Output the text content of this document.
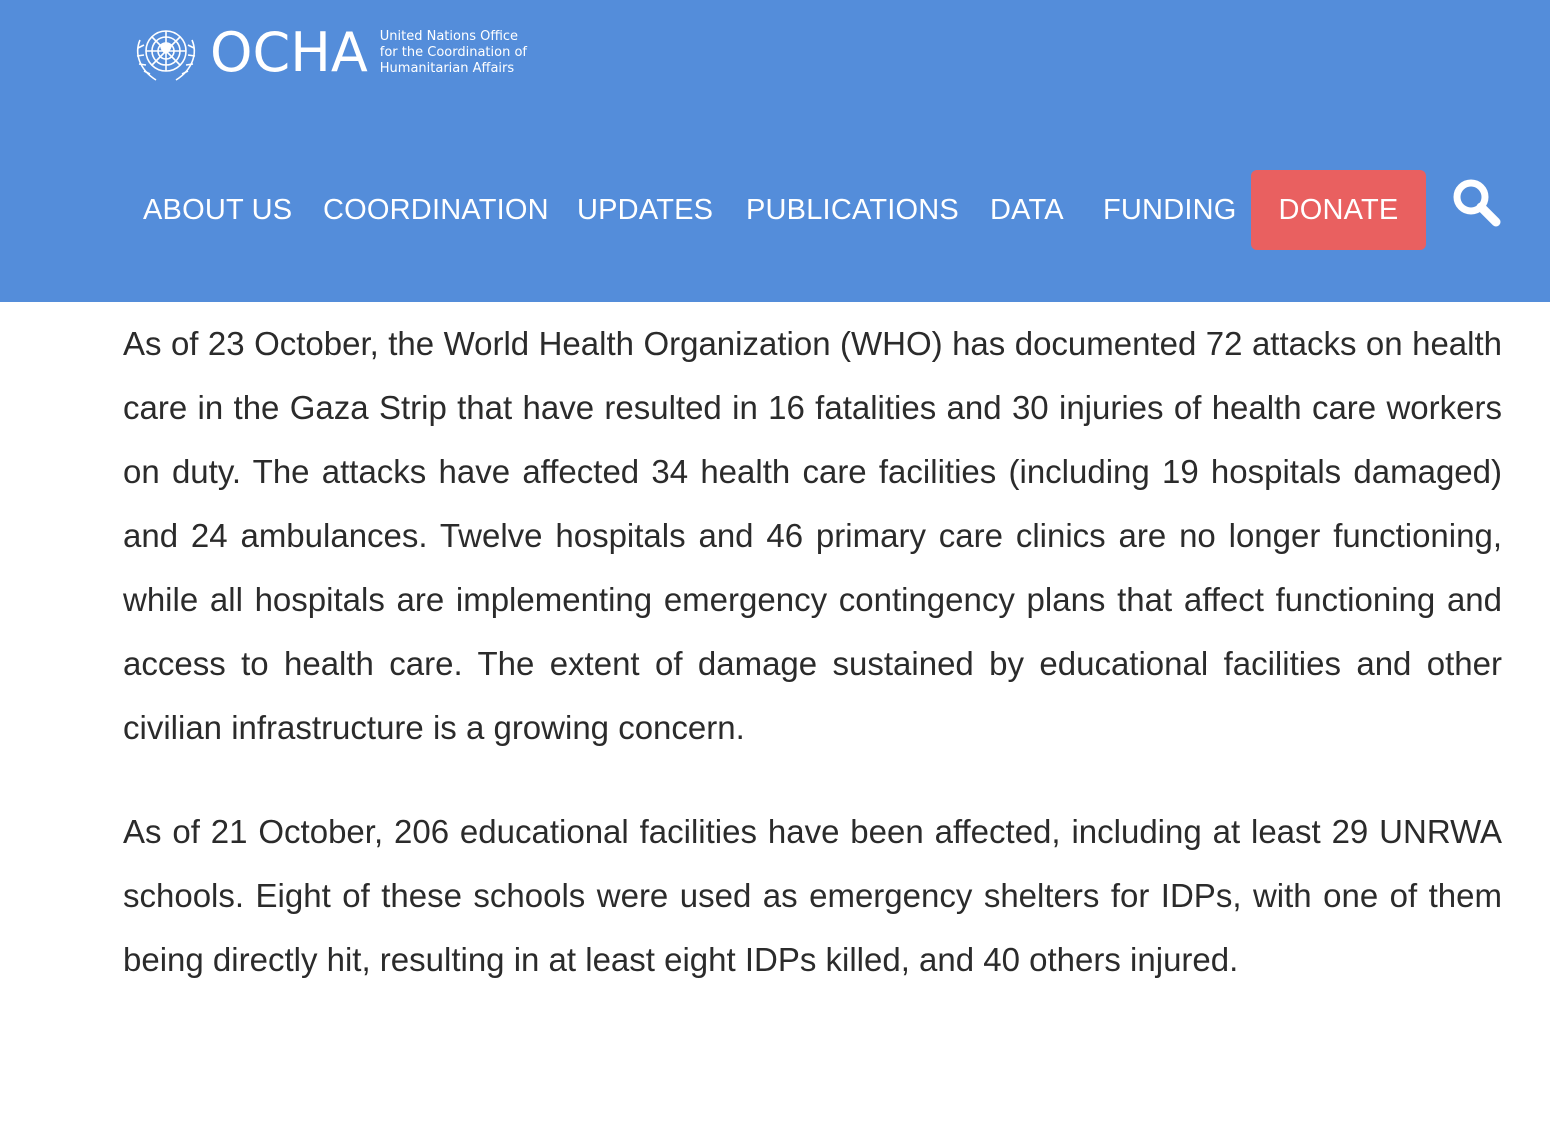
OCHA United Nations Office
for the Coordination of
Humanitarian Affairs
ABOUT US COORDINATION UPDATES PUBLICATIONS DATA FUNDING	DONATE

As of 23 October, the World Health Organization (WHO) has documented 72 attacks on health care in the Gaza Strip that have resulted in 16 fatalities and 30 injuries of health care workers on duty. The attacks have affected 34 health care facilities (including 19 hospitals damaged) and 24 ambulances. Twelve hospitals and 46 primary care clinics are no longer functioning, while all hospitals are implementing emergency contingency plans that affect functioning and access to health care. The extent of damage sustained by educational facilities and other civilian infrastructure is a growing concern.

As of 21 October, 206 educational facilities have been affected, including at least 29 UNRWA schools. Eight of these schools were used as emergency shelters for IDPs, with one of them being directly hit, resulting in at least eight IDPs killed, and 40 others injured.
